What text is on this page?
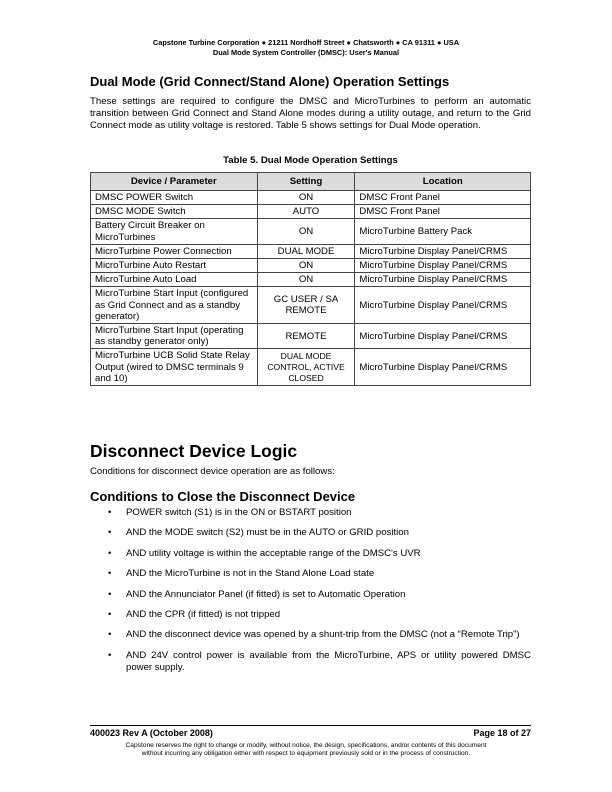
Capstone Turbine Corporation ● 21211 Nordhoff Street ● Chatsworth ● CA 91311 ● USA
Dual Mode System Controller (DMSC): User's Manual
Dual Mode (Grid Connect/Stand Alone) Operation Settings
These settings are required to configure the DMSC and MicroTurbines to perform an automatic transition between Grid Connect and Stand Alone modes during a utility outage, and return to the Grid Connect mode as utility voltage is restored. Table 5 shows settings for Dual Mode operation.
Table 5. Dual Mode Operation Settings
Device / Parameter	Setting	Location
DMSC POWER Switch	ON	DMSC Front Panel
DMSC MODE Switch	AUTO	DMSC Front Panel
Battery Circuit Breaker on MicroTurbines	ON	MicroTurbine Battery Pack
MicroTurbine Power Connection	DUAL MODE	MicroTurbine Display Panel/CRMS
MicroTurbine Auto Restart	ON	MicroTurbine Display Panel/CRMS
MicroTurbine Auto Load	ON	MicroTurbine Display Panel/CRMS
MicroTurbine Start Input (configured as Grid Connect and as a standby generator)	GC USER / SA REMOTE	MicroTurbine Display Panel/CRMS
MicroTurbine Start Input (operating as standby generator only)	REMOTE	MicroTurbine Display Panel/CRMS
MicroTurbine UCB Solid State Relay Output (wired to DMSC terminals 9 and 10)	DUAL MODE CONTROL, ACTIVE CLOSED	MicroTurbine Display Panel/CRMS
Disconnect Device Logic
Conditions for disconnect device operation are as follows:
Conditions to Close the Disconnect Device
• POWER switch (S1) is in the ON or BSTART position
• AND the MODE switch (S2) must be in the AUTO or GRID position
• AND utility voltage is within the acceptable range of the DMSC's UVR
• AND the MicroTurbine is not in the Stand Alone Load state
• AND the Annunciator Panel (if fitted) is set to Automatic Operation
• AND the CPR (if fitted) is not tripped
• AND the disconnect device was opened by a shunt-trip from the DMSC (not a “Remote Trip”)
• AND 24V control power is available from the MicroTurbine, APS or utility powered DMSC power supply.
400023 Rev A (October 2008)	Page 18 of 27
Capstone reserves the right to change or modify, without notice, the design, specifications, and/or contents of this document
without incurring any obligation either with respect to equipment previously sold or in the process of construction.
